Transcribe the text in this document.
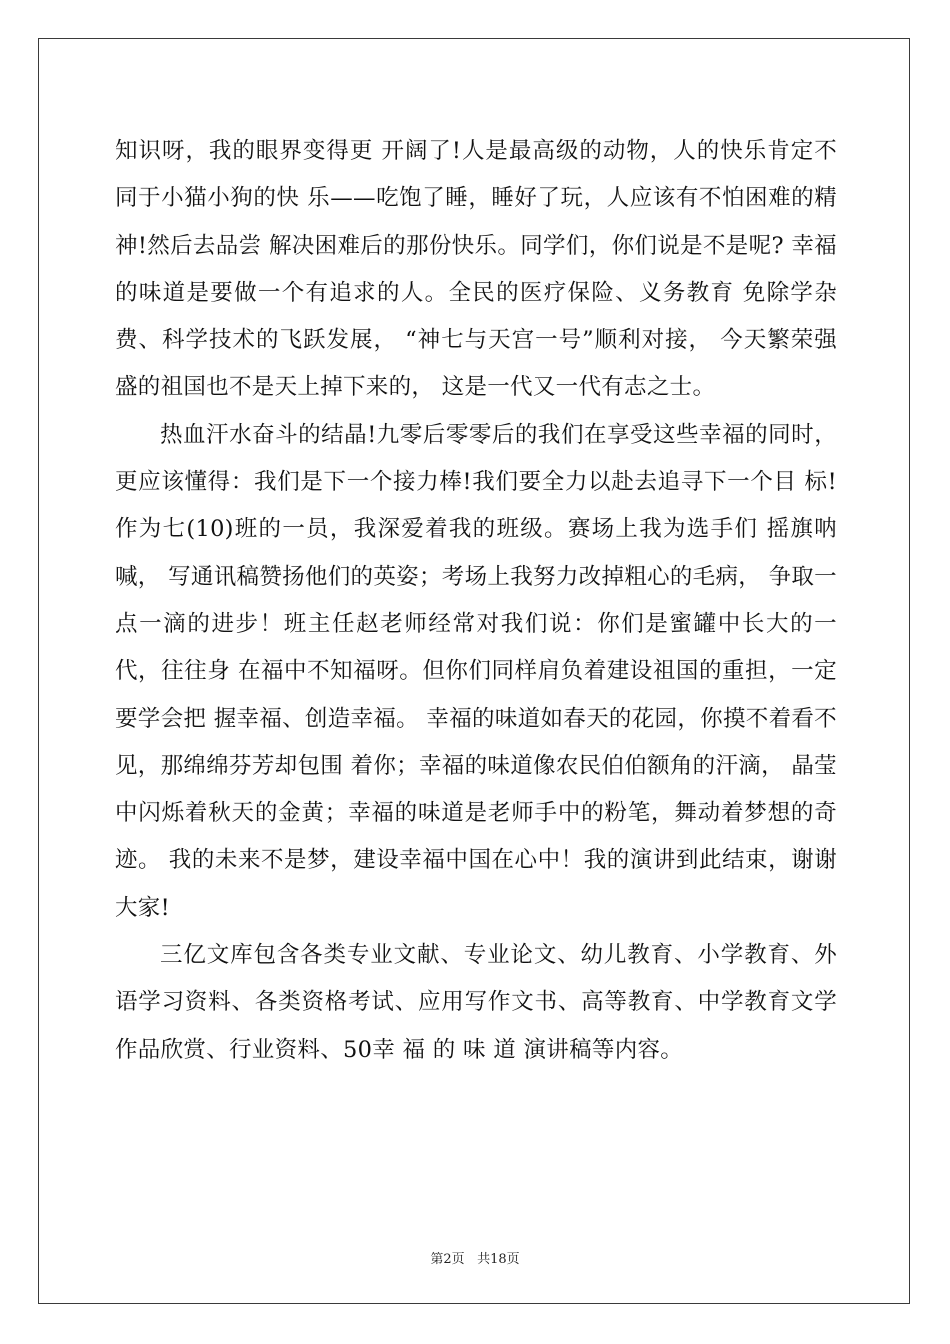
知识呀，我的眼界变得更 开阔了!人是最高级的动物，人的快乐肯定不同于小猫小狗的快 乐——吃饱了睡，睡好了玩，人应该有不怕困难的精神!然后去品尝 解决困难后的那份快乐。同学们，你们说是不是呢? 幸福的味道是要做一个有追求的人。全民的医疗保险、义务教育 免除学杂费、科学技术的飞跃发展， “神七与天宫一号”顺利对接， 今天繁荣强盛的祖国也不是天上掉下来的， 这是一代又一代有志之士。

热血汗水奋斗的结晶!九零后零零后的我们在享受这些幸福的同时， 更应该懂得：我们是下一个接力棒!我们要全力以赴去追寻下一个目 标!作为七(10)班的一员，我深爱着我的班级。赛场上我为选手们 摇旗呐喊， 写通讯稿赞扬他们的英姿；考场上我努力改掉粗心的毛病， 争取一点一滴的进步！班主任赵老师经常对我们说：你们是蜜罐中长大的一代，往往身 在福中不知福呀。但你们同样肩负着建设祖国的重担，一定要学会把 握幸福、创造幸福。 幸福的味道如春天的花园，你摸不着看不见，那绵绵芬芳却包围 着你；幸福的味道像农民伯伯额角的汗滴， 晶莹中闪烁着秋天的金黄；幸福的味道是老师手中的粉笔，舞动着梦想的奇迹。 我的未来不是梦，建设幸福中国在心中！我的演讲到此结束，谢谢大家!

三亿文库包含各类专业文献、专业论文、幼儿教育、小学教育、外语学习资料、各类资格考试、应用写作文书、高等教育、中学教育文学作品欣赏、行业资料、50幸 福 的 味 道 演讲稿等内容。

第2页 共18页
